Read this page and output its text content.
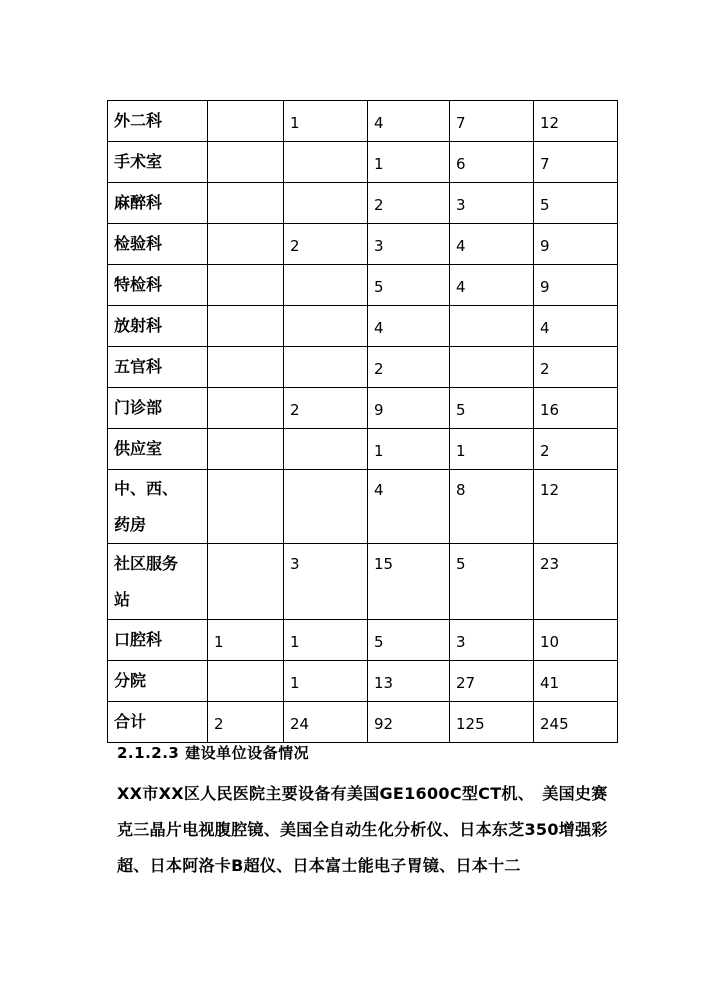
外二科		1	4	7	12
手术室			1	6	7
麻醉科			2	3	5
检验科		2	3	4	9
特检科			5	4	9
放射科			4		4
五官科			2		2
门诊部		2	9	5	16
供应室			1	1	2

中、西、
药房			4	8	12

社区服务
站		3	15	5	23
口腔科	1	1	5	3	10
分院		1	13	27	41
合计	2	24	92	125	245
2.1.2.3 建设单位设备情况
XX市XX区人民医院主要设备有美国GE1600C型CT机、　美国史赛克三晶片电视腹腔镜、美国全自动生化分析仪、日本东芝350增强彩超、日本阿洛卡B超仪、日本富士能电子胃镜、日本十二
